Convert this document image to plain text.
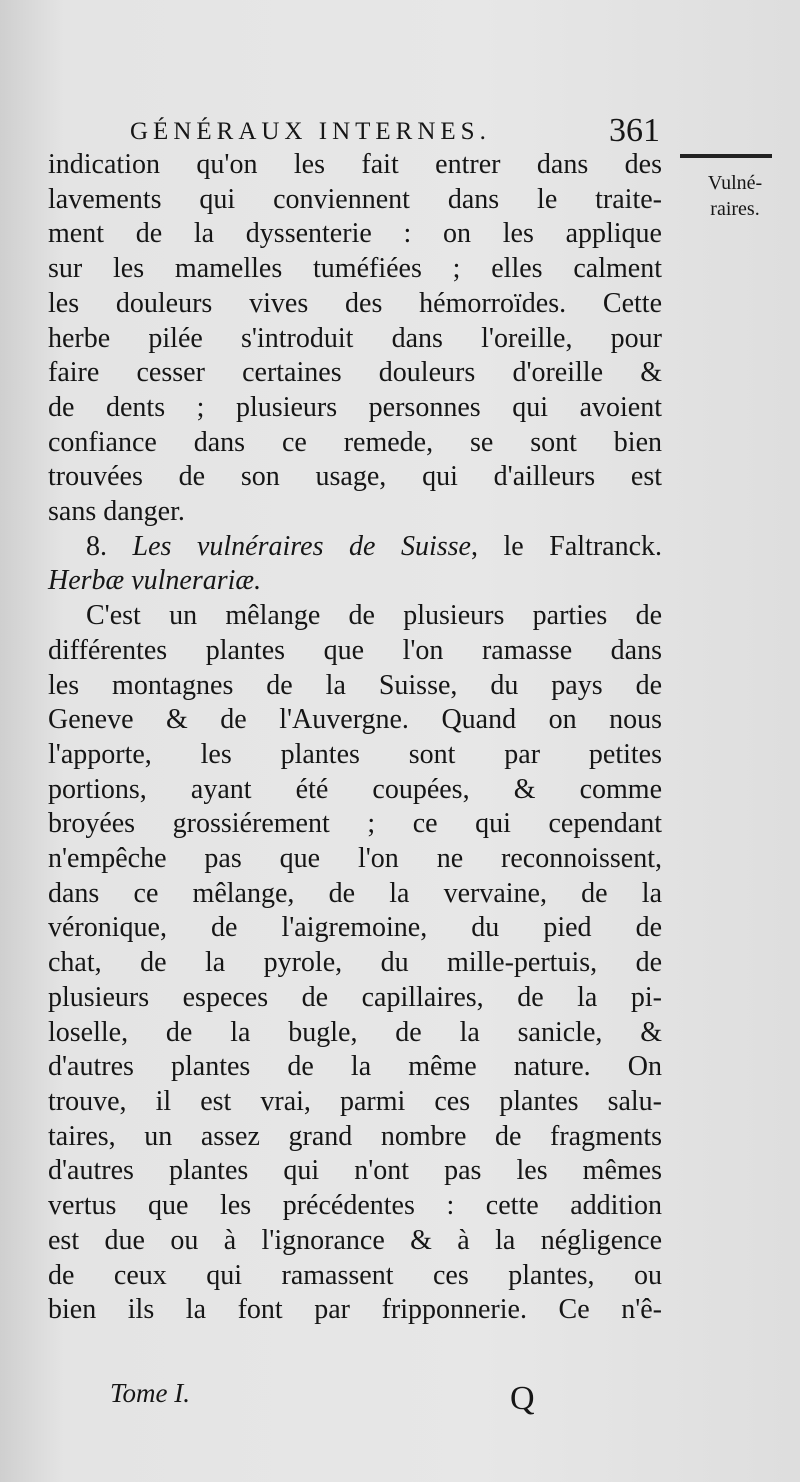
GÉNÉRAUX INTERNES.	361
Vulné-
raires.
indication qu'on les fait entrer dans des
lavements qui conviennent dans le traite-
ment de la dyssenterie : on les applique
sur les mamelles tuméfiées ; elles calment
les douleurs vives des hémorroïdes. Cette
herbe pilée s'introduit dans l'oreille, pour
faire cesser certaines douleurs d'oreille &
de dents ; plusieurs personnes qui avoient
confiance dans ce remede, se sont bien
trouvées de son usage, qui d'ailleurs est
sans danger.
8. Les vulnéraires de Suisse, le Faltranck.
Herbæ vulnerariæ.
C'est un mêlange de plusieurs parties de
différentes plantes que l'on ramasse dans
les montagnes de la Suisse, du pays de
Geneve & de l'Auvergne. Quand on nous
l'apporte, les plantes sont par petites
portions, ayant été coupées, & comme
broyées grossiérement ; ce qui cependant
n'empêche pas que l'on ne reconnoissent,
dans ce mêlange, de la vervaine, de la
véronique, de l'aigremoine, du pied de
chat, de la pyrole, du mille-pertuis, de
plusieurs especes de capillaires, de la pi-
loselle, de la bugle, de la sanicle, &
d'autres plantes de la même nature. On
trouve, il est vrai, parmi ces plantes salu-
taires, un assez grand nombre de fragments
d'autres plantes qui n'ont pas les mêmes
vertus que les précédentes : cette addition
est due ou à l'ignorance & à la négligence
de ceux qui ramassent ces plantes, ou
bien ils la font par fripponnerie. Ce n'ê-
Tome I.	Q
